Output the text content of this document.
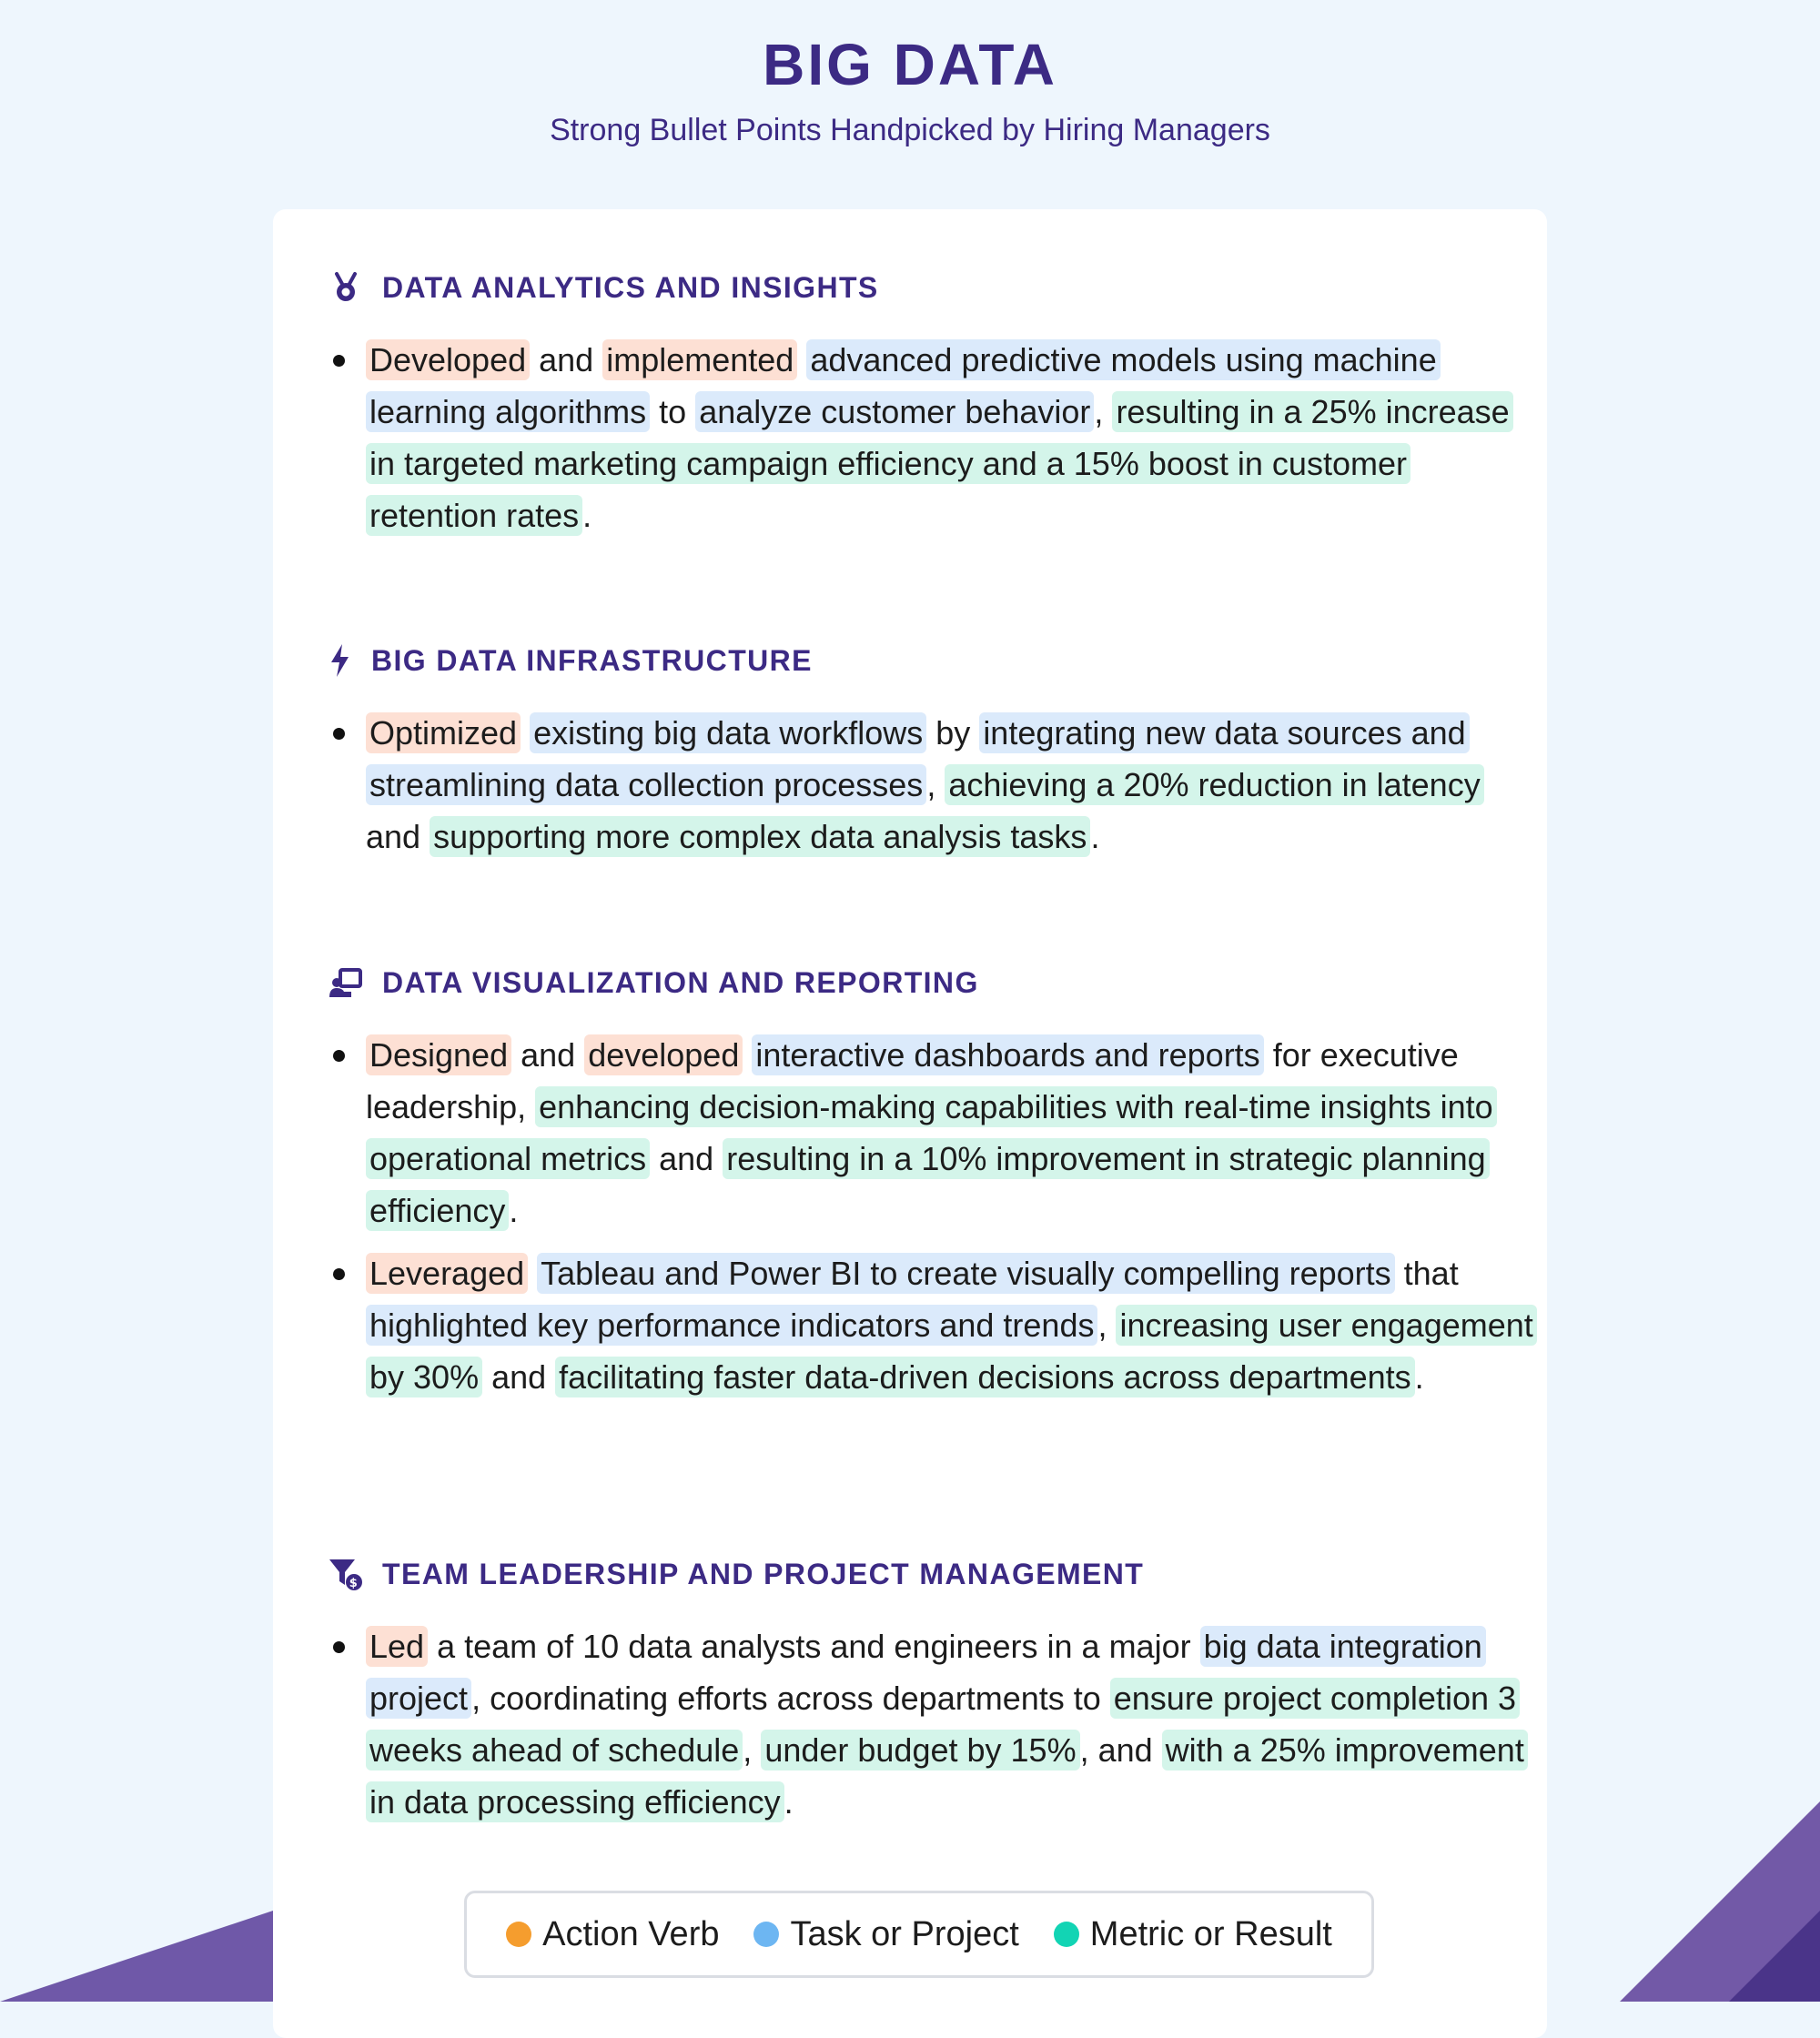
BIG DATA
Strong Bullet Points Handpicked by Hiring Managers
DATA ANALYTICS AND INSIGHTS
Developed and implemented advanced predictive models using machine learning algorithms to analyze customer behavior , resulting in a 25% increase in targeted marketing campaign efficiency and a 15% boost in customer retention rates .
BIG DATA INFRASTRUCTURE
Optimized existing big data workflows by integrating new data sources and streamlining data collection processes , achieving a 20% reduction in latency and supporting more complex data analysis tasks .
DATA VISUALIZATION AND REPORTING
Designed and developed interactive dashboards and reports for executive leadership, enhancing decision-making capabilities with real-time insights into operational metrics and resulting in a 10% improvement in strategic planning efficiency .
Leveraged Tableau and Power BI to create visually compelling reports that highlighted key performance indicators and trends , increasing user engagement by 30% and facilitating faster data-driven decisions across departments .
$ TEAM LEADERSHIP AND PROJECT MANAGEMENT
Led a team of 10 data analysts and engineers in a major big data integration project , coordinating efforts across departments to ensure project completion 3 weeks ahead of schedule , under budget by 15% , and with a 25% improvement in data processing efficiency .
Action Verb Task or Project Metric or Result
